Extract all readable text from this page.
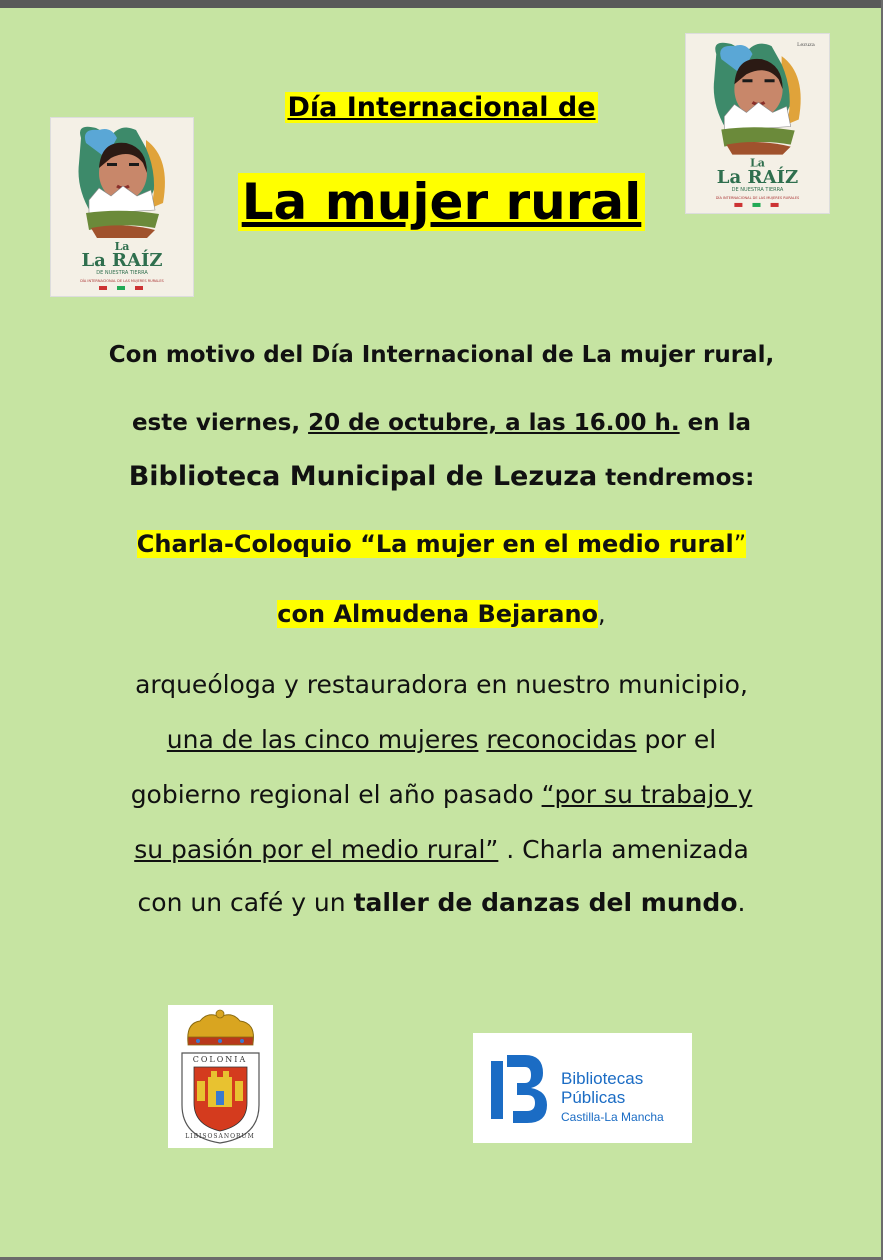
La
La RAÍZ
DE NUESTRA TIERRA
DÍA INTERNACIONAL DE LAS MUJERES RURALES
Lezuza
La
La RAÍZ
DE NUESTRA TIERRA
DÍA INTERNACIONAL DE LAS MUJERES RURALES
Día Internacional de
La mujer rural
Con motivo del Día Internacional de La mujer rural,
este viernes, 20 de octubre, a las 16.00 h. en la
Biblioteca Municipal de Lezuza tendremos:
Charla-Coloquio “La mujer en el medio rural”
con Almudena Bejarano,
arqueóloga y restauradora en nuestro municipio,
una de las cinco mujeres reconocidas por el
gobierno regional el año pasado “por su trabajo y
su pasión por el medio rural” . Charla amenizada
con un café y un taller de danzas del mundo.
COLONIA
LIBISOSANORUM
Bibliotecas
Públicas
Castilla-La Mancha
